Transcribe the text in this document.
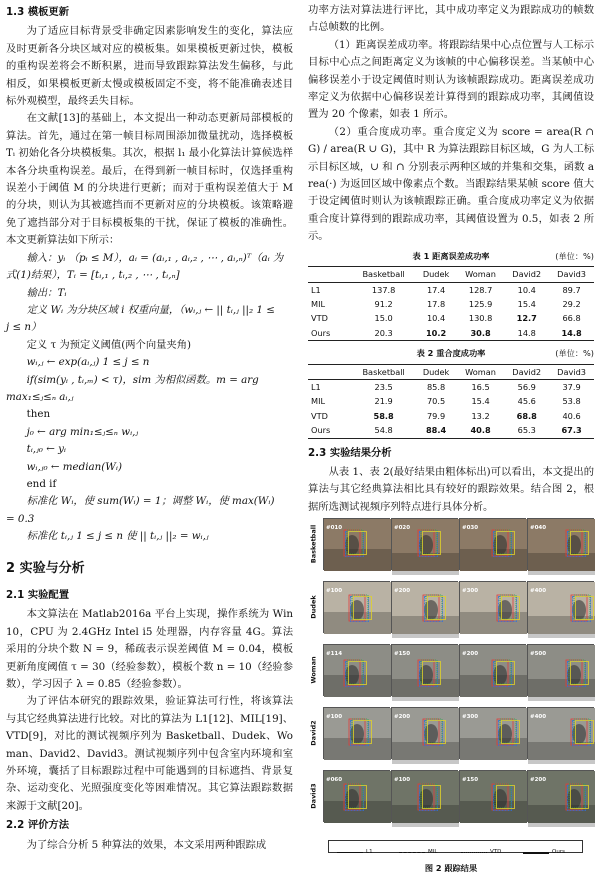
1.3 模板更新

为了适应目标背景受非确定因素影响发生的变化，算法应及时更新各分块区域对应的模板集。如果模板更新过快，模板的重构误差将会不断积累，进而导致跟踪算法发生偏移，与此相反，如果模板更新太慢或模板固定不变，将不能准确表述目标外观模型，最终丢失目标。

在文献[13]的基础上，本文提出一种动态更新局部模板的算法。首先，通过在第一帧目标周围添加微量扰动，选择模板 Tᵢ 初始化各分块模板集。其次，根据 l₁ 最小化算法计算候选样本各分块重构误差。最后，在得到新一帧目标时，仅选择重构误差小于阈值 M 的分块进行更新；而对于重构误差值大于 M 的分块，则认为其被遮挡而不更新对应的分块模板。该策略避免了遮挡部分对于目标模板集的干扰，保证了模板的准确性。本文更新算法如下所示：

输入：yᵢ （pᵢ ≤ M），aᵢ = (aᵢ,₁ , aᵢ,₂ , ⋯ , aᵢ,ₙ)ᵀ（aᵢ 为
式(1)结果），Tᵢ = [tᵢ,₁ , tᵢ,₂ , ⋯ , tᵢ,ₙ]
输出：Tᵢ
定义 Wᵢ 为分块区域 i 权重向量，（wᵢ,ⱼ ← || tᵢ,ⱼ ||₂ 1 ≤
j ≤ n）
定义 τ 为预定义阈值(两个向量夹角)
wᵢ,ⱼ ← exp(aᵢ,ⱼ) 1 ≤ j ≤ n
if(sim(yᵢ , tᵢ,ₘ) < τ)，sim 为相似函数。m = arg
max₁≤ⱼ≤ₙ aᵢ,ⱼ
then
j₀ ← arg min₁≤ⱼ≤ₙ wᵢ,ⱼ
tᵢ,ⱼ₀ ← yᵢ
wᵢ,ⱼ₀ ← median(Wᵢ)
end if
标准化 Wᵢ，使 sum(Wᵢ) = 1；调整 Wᵢ，使 max(Wᵢ)
= 0.3
标准化 tᵢ,ⱼ 1 ≤ j ≤ n 使 || tᵢ,ⱼ ||₂ = wᵢ,ⱼ
2 实验与分析
2.1 实验配置

本文算法在 Matlab2016a 平台上实现，操作系统为 Win10，CPU 为 2.4GHz Intel i5 处理器，内存容量 4G。算法采用的分块个数 N = 9，稀疏表示误差阈值 M = 0.04，模板更新角度阈值 τ = 30（经验参数），模板个数 n = 10（经验参数），学习因子 λ = 0.85（经验参数）。

为了评估本研究的跟踪效果，验证算法可行性，将该算法与其它经典算法进行比较。对比的算法为 L1[12]、MIL[19]、VTD[9]，对比的测试视频序列为 Basketball、Dudek、Woman、David2、David3。测试视频序列中包含室内环境和室外环境，囊括了目标跟踪过程中可能遇到的目标遮挡、背景复杂、运动变化、光照强度变化等困难情况。其它算法跟踪数据来源于文献[20]。

2.2 评价方法

为了综合分析 5 种算法的效果，本文采用两种跟踪成

功率方法对算法进行评比，其中成功率定义为跟踪成功的帧数占总帧数的比例。

（1）距离误差成功率。将跟踪结果中心点位置与人工标示目标中心点之间距离定义为该帧的中心偏移误差。当某帧中心偏移误差小于设定阈值时则认为该帧跟踪成功。距离误差成功率定义为依据中心偏移误差计算得到的跟踪成功率，其阈值设置为 20 个像素，如表 1 所示。

（2）重合度成功率。重合度定义为 score = area(R ∩ G) / area(R ∪ G)，其中 R 为算法跟踪目标区域，G 为人工标示目标区域，∪ 和 ∩ 分别表示两种区域的并集和交集，函数 area(·) 为返回区域中像素点个数。当跟踪结果某帧 score 值大于设定阈值时则认为该帧跟踪正确。重合度成功率定义为依据重合度计算得到的跟踪成功率，其阈值设置为 0.5，如表 2 所示。

表 1 距离误差成功率	(单位：%)
	Basketball	Dudek	Woman	David2	David3
L1	137.8	17.4	128.7	10.4	89.7
MIL	91.2	17.8	125.9	15.4	29.2
VTD	15.0	10.4	130.8	12.7	66.8
Ours	20.3	10.2	30.8	14.8	14.8
表 2 重合度成功率	(单位：%)
	Basketball	Dudek	Woman	David2	David3
L1	23.5	85.8	16.5	56.9	37.9
MIL	21.9	70.5	15.4	45.6	53.8
VTD	58.8	79.9	13.2	68.8	40.6
Ours	54.8	88.4	40.8	65.3	67.3
2.3 实验结果分析

从表 1、表 2(最好结果由粗体标出)可以看出，本文提出的算法与其它经典算法相比具有较好的跟踪效果。结合图 2，根据所选测试视频序列特点进行具体分析。

David3
#060	#100	#150	#200
David2
#100	#200	#300	#400
Woman
#114	#150	#200	#500
Dudek
#100	#200	#300	#400
Basketball	#010	#020	#030	#040
L1	MIL	VTD	Ours
图 2 跟踪结果
